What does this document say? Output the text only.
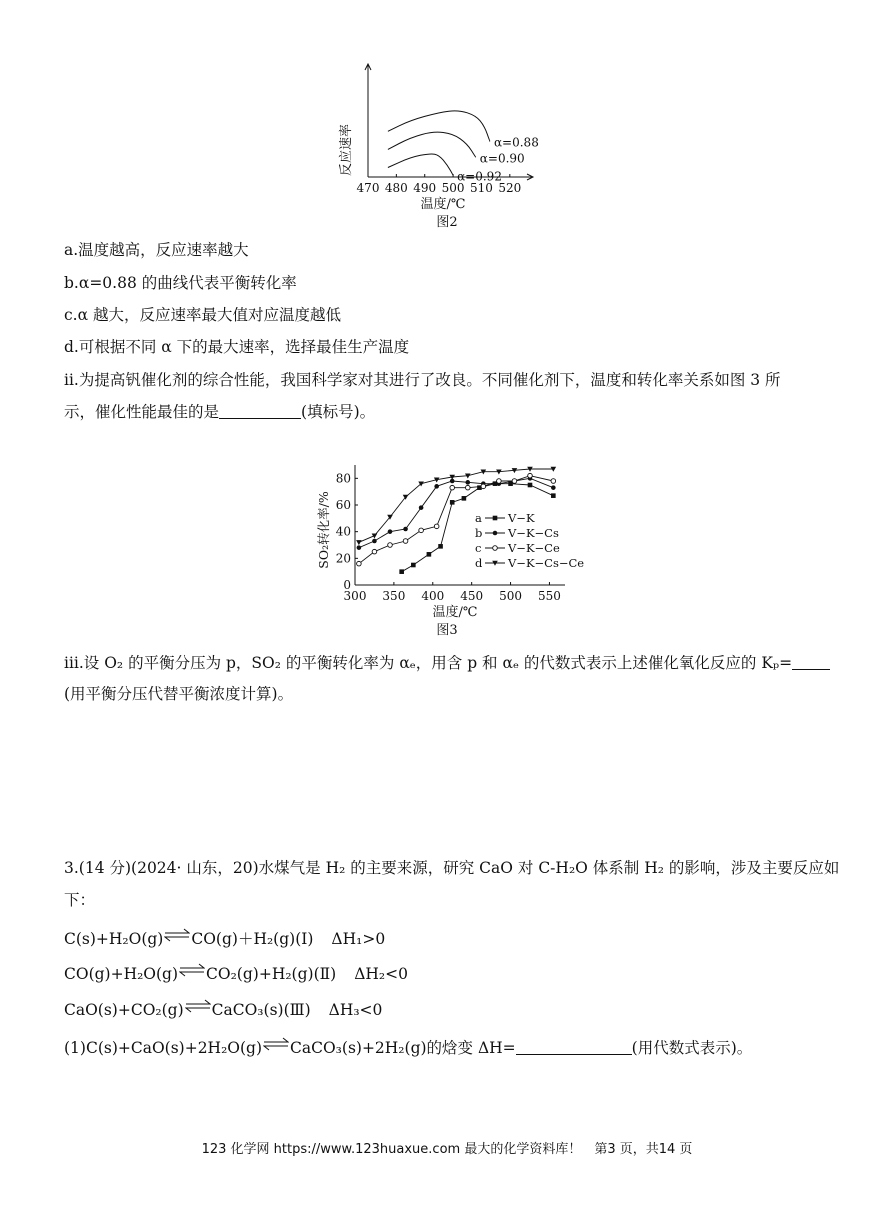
470 480 490 500 510 520
α=0.88
α=0.90
α=0.92
反应速率
温度/℃
图2
a.温度越高，反应速率越大
b.α=0.88 的曲线代表平衡转化率
c.α 越大，反应速率最大值对应温度越低
d.可根据不同 α 下的最大速率，选择最佳生产温度
ⅱ.为提高钒催化剂的综合性能，我国科学家对其进行了改良。不同催化剂下，温度和转化率关系如图 3 所
示，催化性能最佳的是	(填标号)。
300 350 400 450 500 550
0
20
40
60
80
a V−K
b V−K−Cs
c V−K−Ce
d V−K−Cs−Ce
SO₂转化率/%
温度/℃
图3
ⅲ.设 O₂ 的平衡分压为 p，SO₂ 的平衡转化率为 αₑ，用含 p 和 αₑ 的代数式表示上述催化氧化反应的 Kₚ=
(用平衡分压代替平衡浓度计算)。
3.(14 分)(2024· 山东，20)水煤气是 H₂ 的主要来源，研究 CaO 对 C-H₂O 体系制 H₂ 的影响，涉及主要反应如
下：
C(s)+H₂O(g)⇌CO(g)＋H₂(g)(Ⅰ) ΔH₁>0
CO(g)+H₂O(g)⇌CO₂(g)+H₂(g)(Ⅱ) ΔH₂<0
CaO(s)+CO₂(g)⇌CaCO₃(s)(Ⅲ) ΔH₃<0
(1)C(s)+CaO(s)+2H₂O(g)⇌CaCO₃(s)+2H₂(g)的焓变 ΔH=	(用代数式表示)。
123 化学网 https://www.123huaxue.com 最大的化学资料库！　第3 页，共14 页
